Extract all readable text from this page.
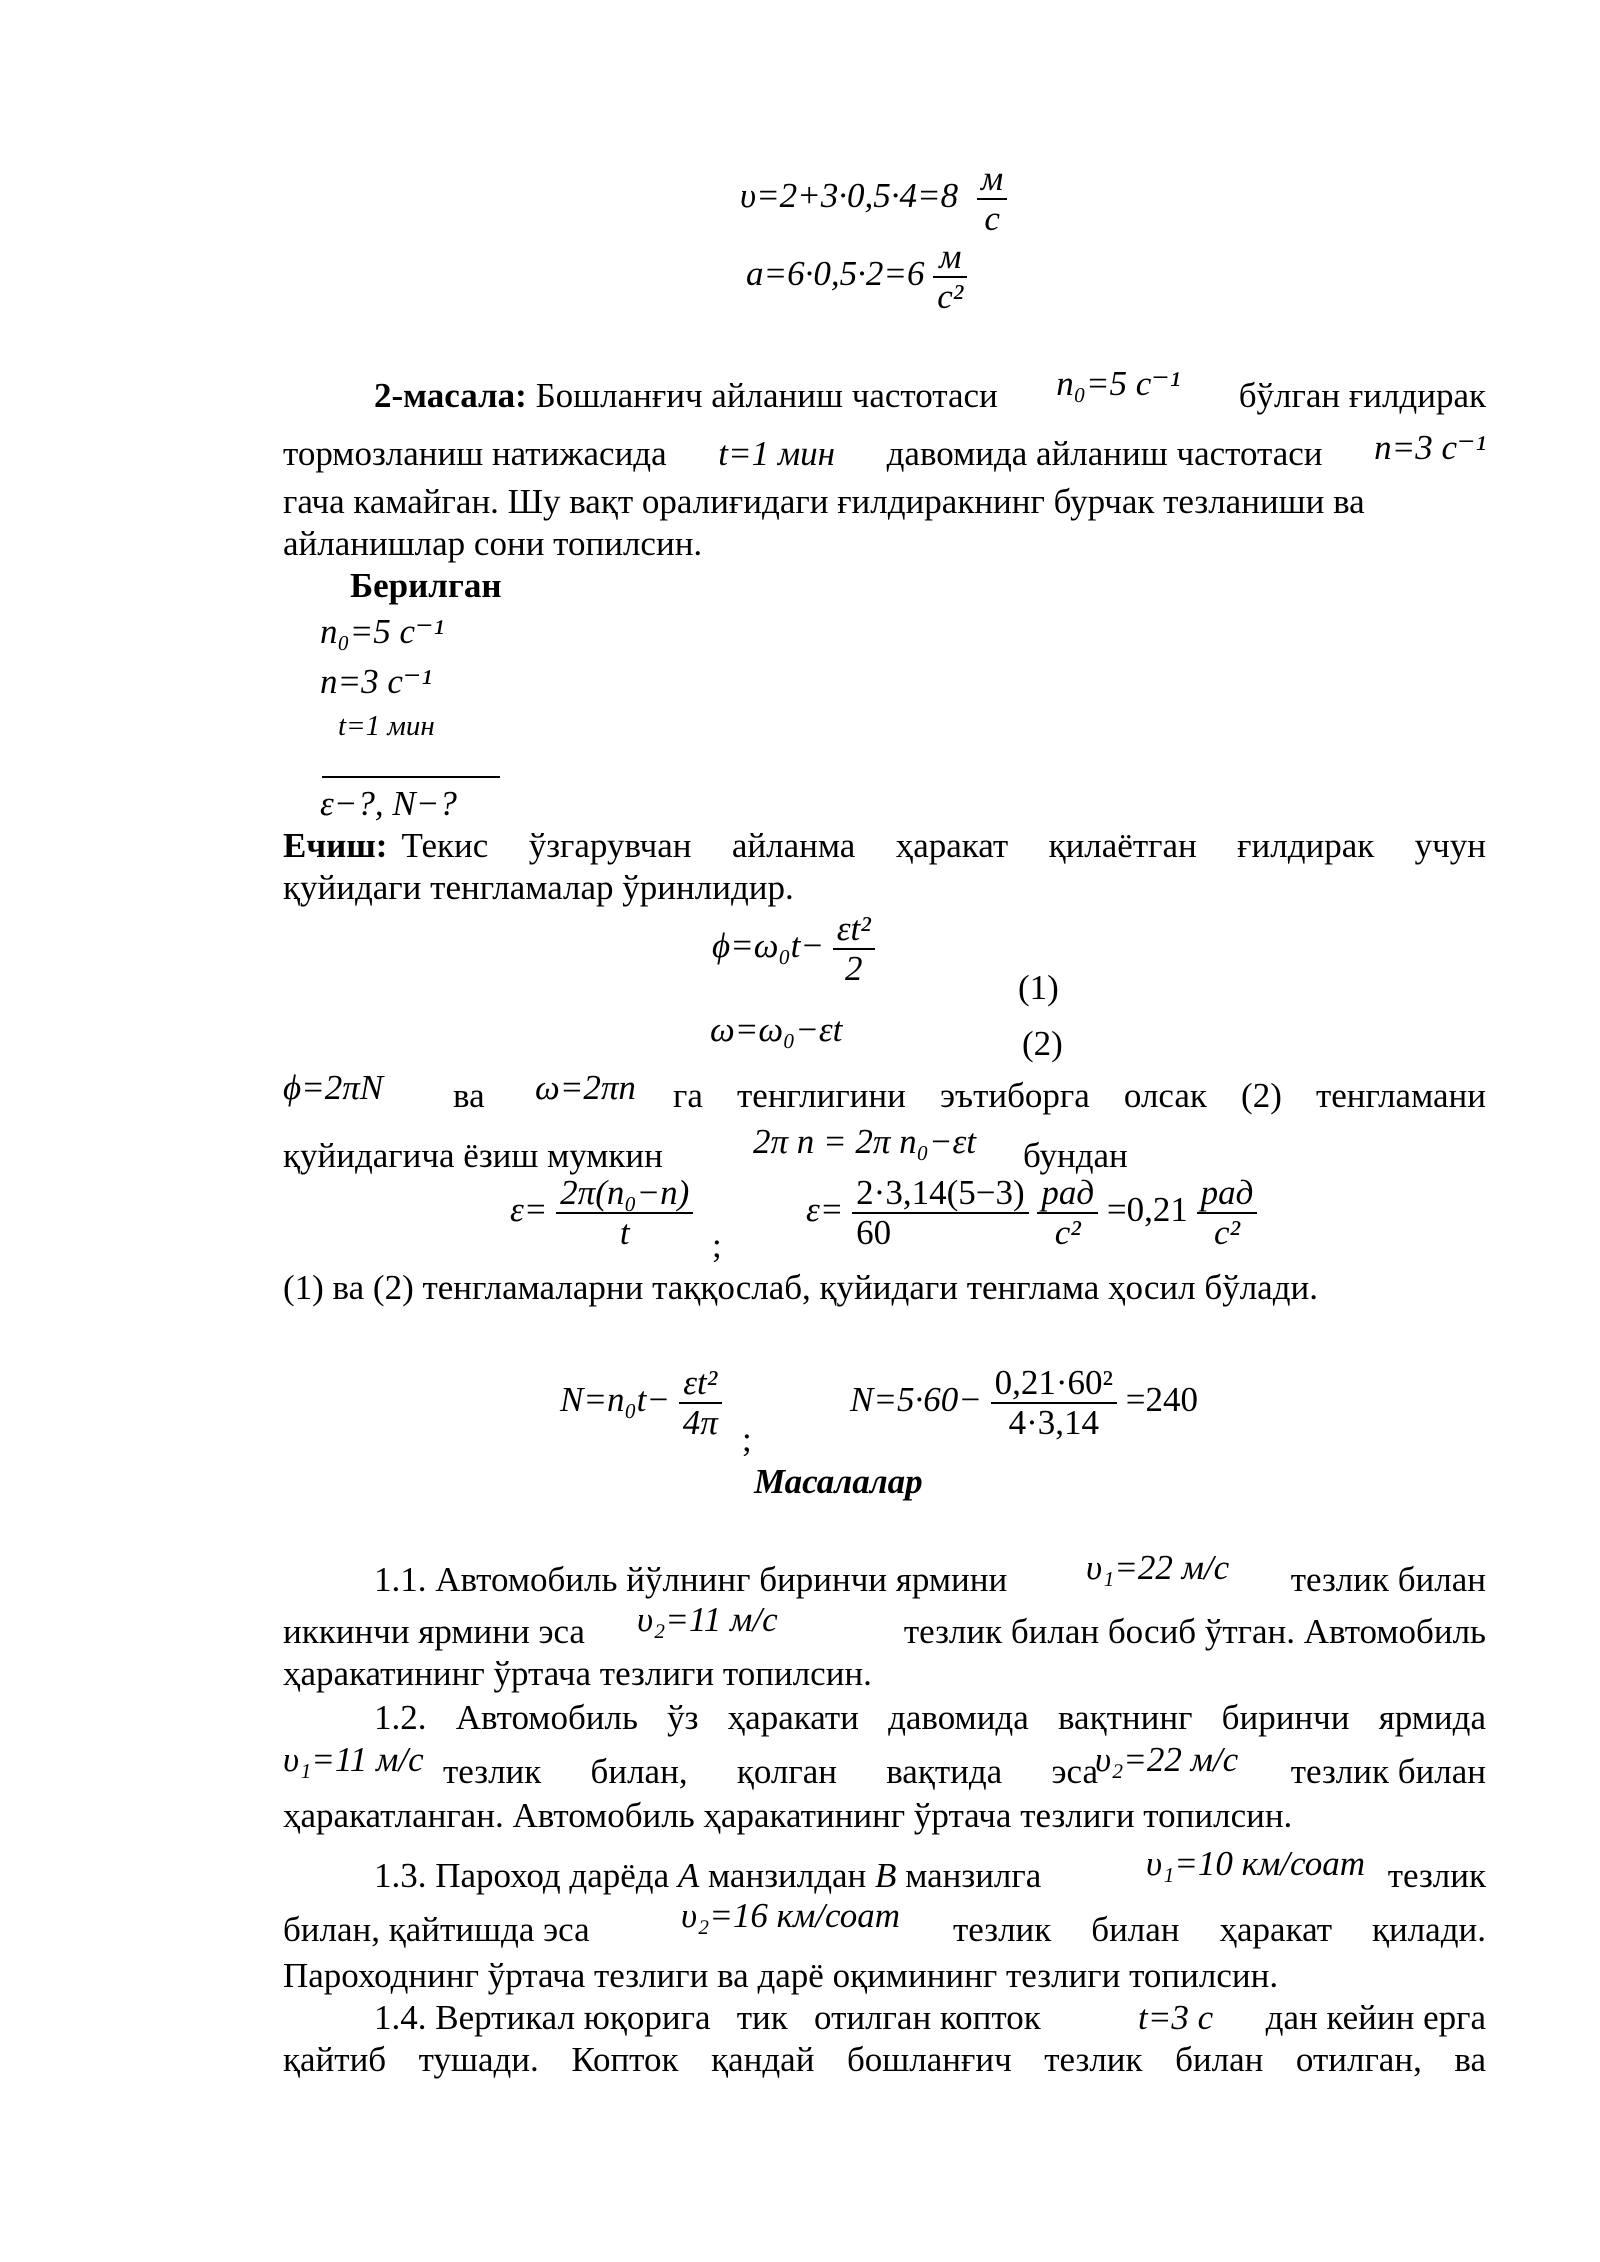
$\upsilon=2+3\cdot 0,5\cdot 4=8 \frac{м}{с}$
$a=6\cdot 0,5\cdot 2=6 \frac{м}{\text{с²}}$
2-масала: Бошланғич айланиш частотаси n₀=5 с⁻¹ бўлган ғилдирак
тормозланиш натижасида t=1 мин давомида айланиш частотаси n=3 с⁻¹
гача камайган. Шу вақт оралиғидаги ғилдиракнинг бурчак тезланиши ва
айланишлар сони топилсин.
Берилган
n₀=5 с⁻¹
n=3 с⁻¹
t=1 мин
ε−?, N−?
Ечиш: Текис ўзгарувчан айланма ҳаракат қилаётган ғилдирак учун
қуйидаги тенгламалар ўринлидир.
$\phi=\omega_0t- \frac{\text{εt²}}{2}$	(1)
ω=ω₀−εt	(2)
ϕ=2πN ва ω=2πn га тенглигини эътиборга олсак (2) тенгламани
қуйидагича ёзиш мумкин	2π n = 2π n₀−εt бундан
$\varepsilon= \frac{\text{2π(n₀−n)}}{t}$ ;
$\varepsilon= \frac{2\cdot 3,14(5-3)}{60}$
$\frac{\text{рад}}{\text{с²}} =0,21 \frac{\text{рад}}{\text{с²}}$
(1) ва (2) тенгламаларни таққослаб, қуйидаги тенглама ҳосил бўлади.
$N=n_0t- \frac{\text{εt²}}{4\pi}$ ;
$N=5\cdot 60- \frac{\text{0,21·60²}}{4\cdot 3,14} =240$
Масалалар
1.1. Автомобиль йўлнинг биринчи ярмини υ₁=22 м/с тезлик билан
иккинчи ярмини эса υ₂=11 м/с	тезлик билан босиб ўтган. Автомобиль
ҳаракатининг ўртача тезлиги топилсин.
1.2. Автомобиль ўз ҳаракати давомида вақтнинг биринчи ярмида
υ₁=11 м/с тезлик билан, қолган вақтида эса
υ₂=22 м/с тезлик билан
ҳаракатланган. Автомобиль ҳаракатининг ўртача тезлиги топилсин.
1.3. Пароход дарёда A манзилдан B манзилга	υ₁=10 км/соат тезлик
билан, қайтишда эса	υ₂=16 км/соат тезлик билан ҳаракат қилади.
Пароходнинг ўртача тезлиги ва дарё оқимининг тезлиги топилсин.
1.4. Вертикал юқорига   тик   отилган копток	t=3 с дан кейин ерга
қайтиб тушади. Копток қандай бошланғич тезлик билан отилган, ва
